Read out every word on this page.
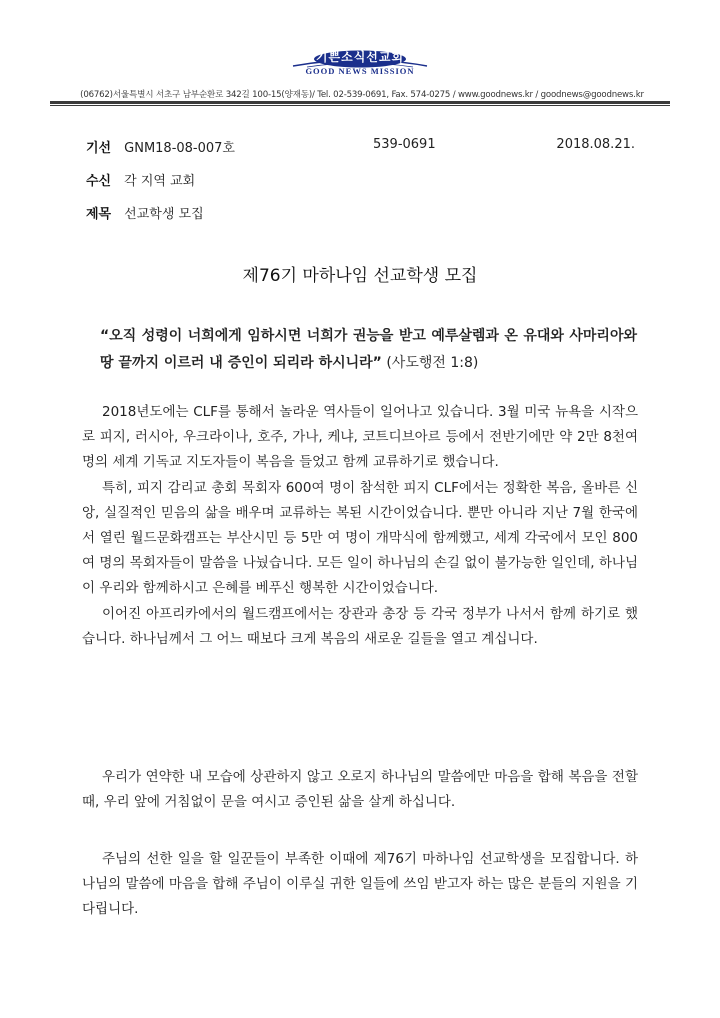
기쁜소식선교회
GOOD NEWS MISSION
(06762)서울특별시 서초구 남부순환로 342길 100-15(양재동)/ Tel. 02-539-0691, Fax. 574-0275 / www.goodnews.kr / goodnews@goodnews.kr
기선 GNM18-08-007호	539-0691	2018.08.21.
수신 각 지역 교회
제목 선교학생 모집
제76기 마하나임 선교학생 모집
“오직 성령이 너희에게 임하시면 너희가 권능을 받고 예루살렘과 온 유대와 사마리아와 땅 끝까지 이르러 내 증인이 되리라 하시니라” (사도행전 1:8)

2018년도에는 CLF를 통해서 놀라운 역사들이 일어나고 있습니다. 3월 미국 뉴욕을 시작으로 피지, 러시아, 우크라이나, 호주, 가나, 케냐, 코트디브아르 등에서 전반기에만 약 2만 8천여 명의 세계 기독교 지도자들이 복음을 들었고 함께 교류하기로 했습니다.

특히, 피지 감리교 총회 목회자 600여 명이 참석한 피지 CLF에서는 정확한 복음, 올바른 신앙, 실질적인 믿음의 삶을 배우며 교류하는 복된 시간이었습니다. 뿐만 아니라 지난 7월 한국에서 열린 월드문화캠프는 부산시민 등 5만 여 명이 개막식에 함께했고, 세계 각국에서 모인 800여 명의 목회자들이 말씀을 나눴습니다. 모든 일이 하나님의 손길 없이 불가능한 일인데, 하나님이 우리와 함께하시고 은혜를 베푸신 행복한 시간이었습니다.

이어진 아프리카에서의 월드캠프에서는 장관과 총장 등 각국 정부가 나서서 함께 하기로 했습니다. 하나님께서 그 어느 때보다 크게 복음의 새로운 길들을 열고 계십니다.

우리가 연약한 내 모습에 상관하지 않고 오로지 하나님의 말씀에만 마음을 합해 복음을 전할 때, 우리 앞에 거침없이 문을 여시고 증인된 삶을 살게 하십니다.

주님의 선한 일을 할 일꾼들이 부족한 이때에 제76기 마하나임 선교학생을 모집합니다. 하나님의 말씀에 마음을 합해 주님이 이루실 귀한 일들에 쓰임 받고자 하는 많은 분들의 지원을 기다립니다.
